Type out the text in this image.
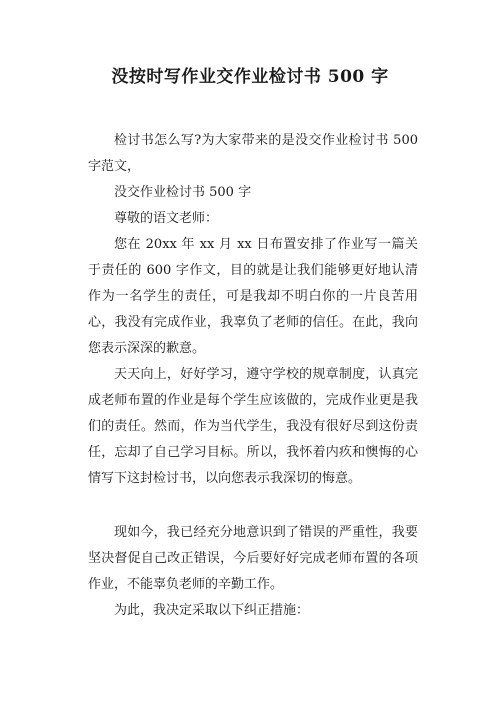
没按时写作业交作业检讨书 500 字

检讨书怎么写?为大家带来的是没交作业检讨书 500 字范文，

没交作业检讨书 500 字

尊敬的语文老师：

您在 20xx 年 xx 月 xx 日布置安排了作业写一篇关于责任的 600 字作文，目的就是让我们能够更好地认清作为一名学生的责任，可是我却不明白你的一片良苦用心，我没有完成作业，我辜负了老师的信任。在此，我向您表示深深的歉意。

天天向上，好好学习，遵守学校的规章制度，认真完成老师布置的作业是每个学生应该做的，完成作业更是我们的责任。然而，作为当代学生，我没有很好尽到这份责任，忘却了自己学习目标。所以，我怀着内疚和懊悔的心情写下这封检讨书，以向您表示我深切的悔意。

现如今，我已经充分地意识到了错误的严重性，我要坚决督促自己改正错误，今后要好好完成老师布置的各项作业，不能辜负老师的辛勤工作。

为此，我决定采取以下纠正措施：
